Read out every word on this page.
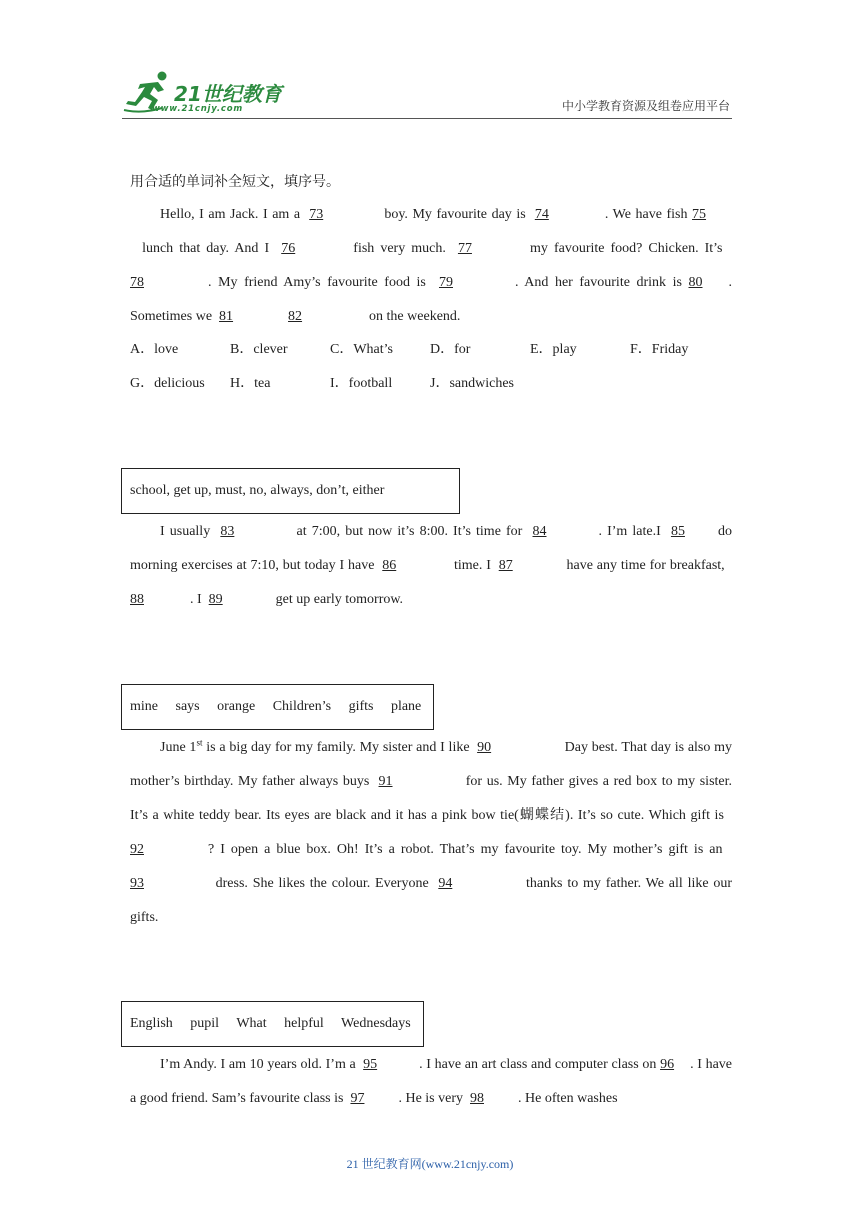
21世纪教育
www.21cnjy.com	中小学教育资源及组卷应用平台
用合适的单词补全短文，填序号。

Hello, I am Jack. I am a 73	boy. My favourite day is 74	. We have fish 75  lunch that day. And I 76	fish very much. 77	my favourite food? Chicken. It’s  78	. My friend Amy’s favourite food is 79	. And her favourite drink is 80 . Sometimes we 81	82	on the weekend.

A．love	B．clever	C．What’s	D．for	E．play	F．Friday
G．delicious H．tea	I．football	J．sandwiches
school, get up, must, no, always, don’t, either

I usually 83	at 7:00, but now it’s 8:00. It’s time for 84	. I’m late.I 85 do morning exercises at 7:10, but today I have 86	time. I 87	have any time for breakfast,  88	. I 89	get up early tomorrow.

mine says orange Children’s gifts plane

June 1st is a big day for my family. My sister and I like 90	Day best. That day is also my mother’s birthday. My father always buys 91	for us. My father gives a red box to my sister. It’s a white teddy bear. Its eyes are black and it has a pink bow tie(蝴蝶结). It’s so cute. Which gift is  92	? I open a blue box. Oh! It’s a robot. That’s my favourite toy. My mother’s gift is an  93	dress. She likes the colour. Everyone 94	thanks to my father. We all like our gifts.

English pupil What helpful Wednesdays

I’m Andy. I am 10 years old. I’m a 95	. I have an art class and computer class on 96 . I have a good friend. Sam’s favourite class is 97 . He is very 98 . He often washes

21 世纪教育网(www.21cnjy.com)
